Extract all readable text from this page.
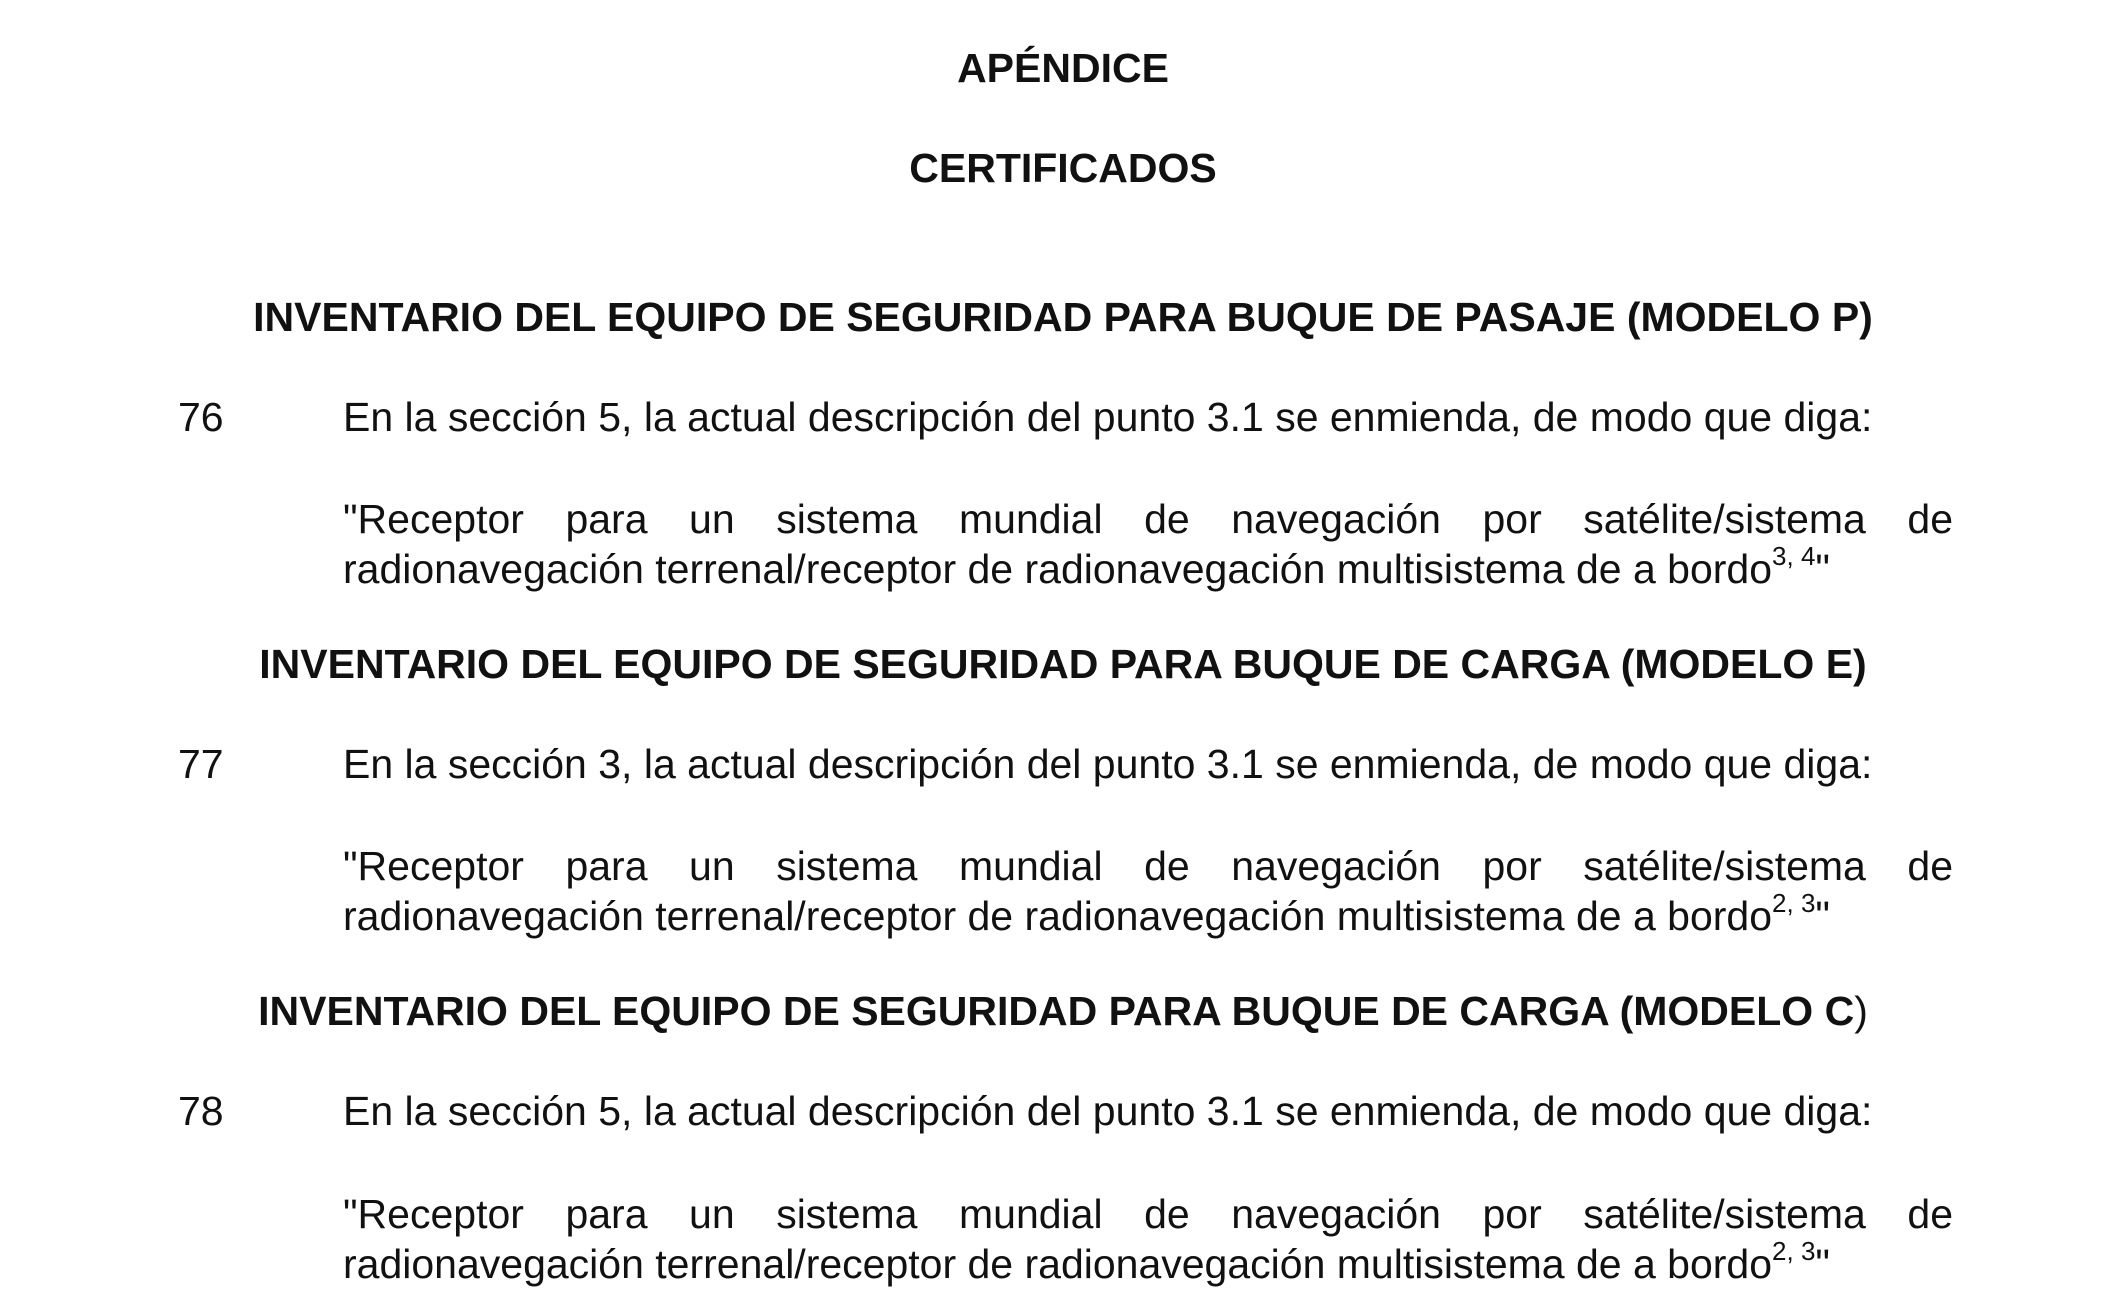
APÉNDICE
CERTIFICADOS
INVENTARIO DEL EQUIPO DE SEGURIDAD PARA BUQUE DE PASAJE (MODELO P)
76	En la sección 5, la actual descripción del punto 3.1 se enmienda, de modo que diga:
"Receptor para un sistema mundial de navegación por satélite/sistema de radionavegación terrenal/receptor de radionavegación multisistema de a bordo$^{3, 4}$"
INVENTARIO DEL EQUIPO DE SEGURIDAD PARA BUQUE DE CARGA (MODELO E)
77	En la sección 3, la actual descripción del punto 3.1 se enmienda, de modo que diga:
"Receptor para un sistema mundial de navegación por satélite/sistema de radionavegación terrenal/receptor de radionavegación multisistema de a bordo$^{2, 3}$"
INVENTARIO DEL EQUIPO DE SEGURIDAD PARA BUQUE DE CARGA (MODELO C)
78	En la sección 5, la actual descripción del punto 3.1 se enmienda, de modo que diga:
"Receptor para un sistema mundial de navegación por satélite/sistema de radionavegación terrenal/receptor de radionavegación multisistema de a bordo$^{2, 3}$"
